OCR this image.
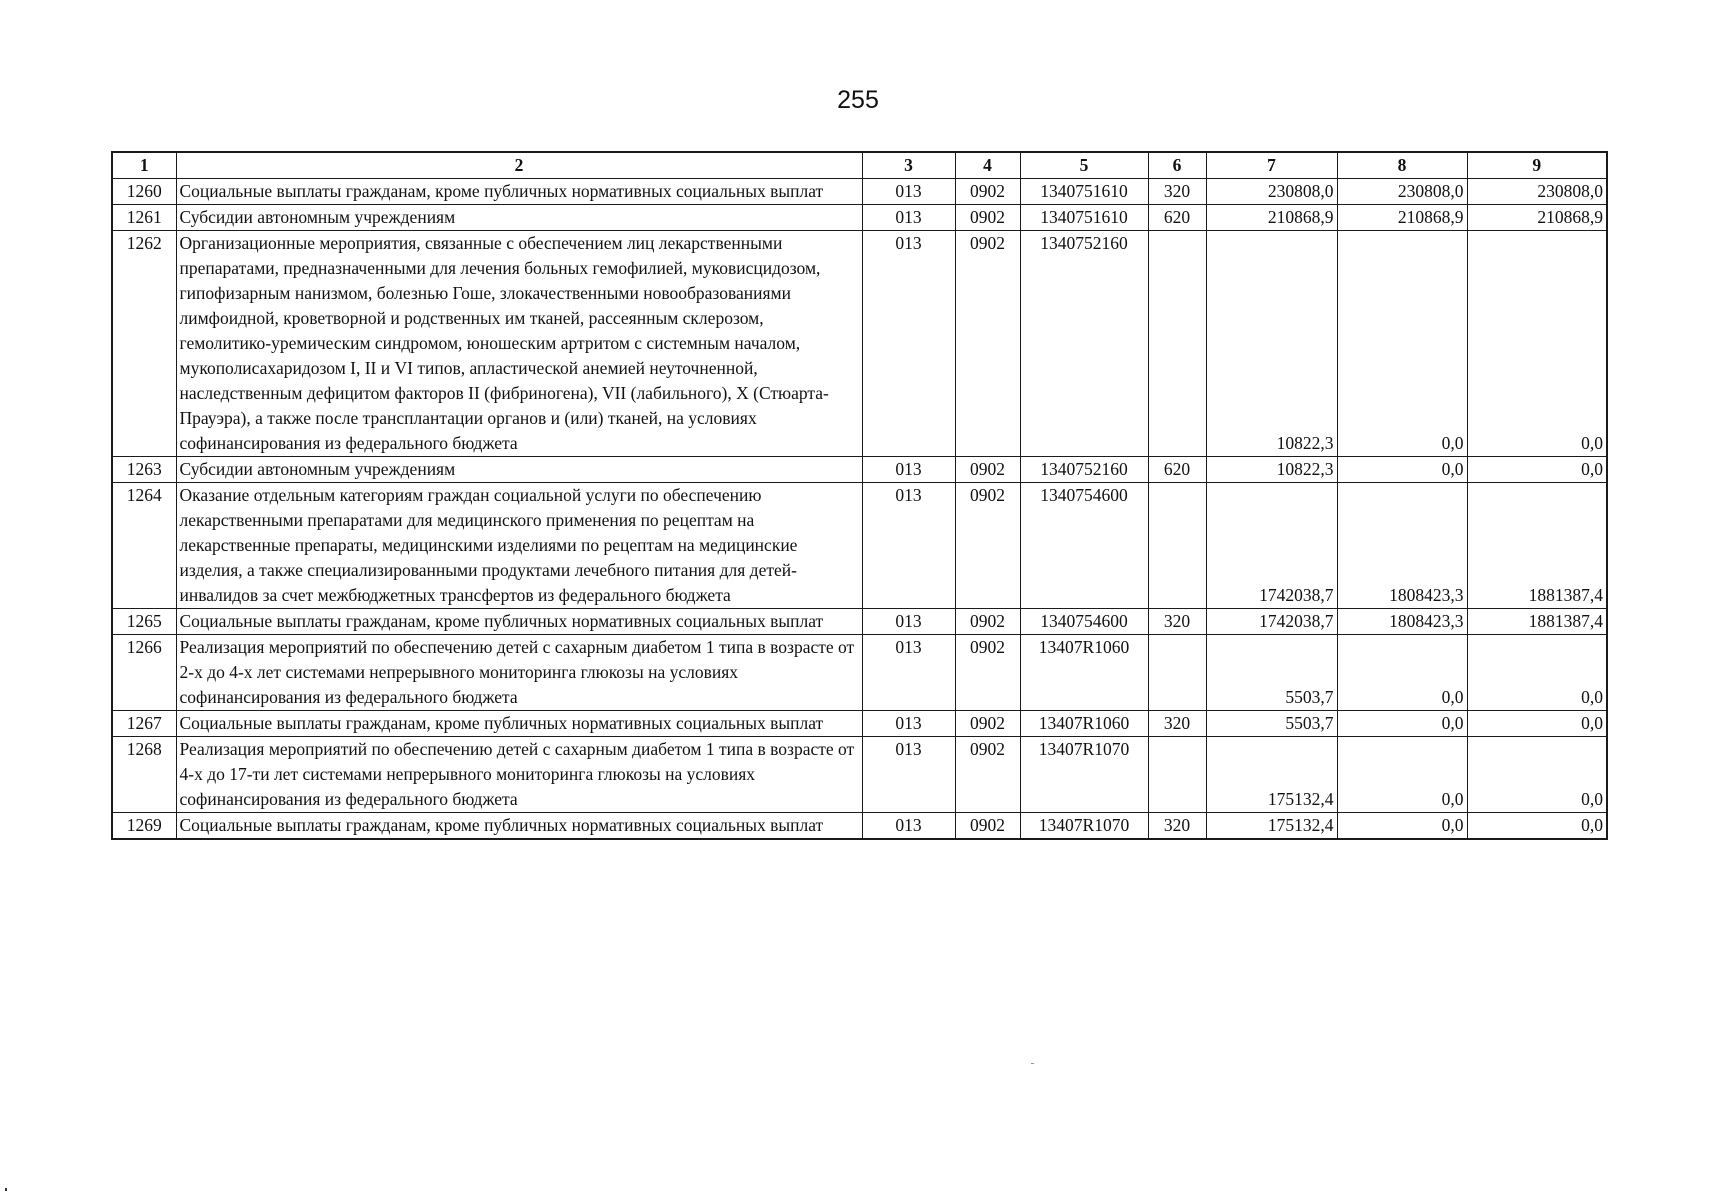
255
1	2	3	4	5	6	7	8	9
1260	Социальные выплаты гражданам, кроме публичных нормативных социальных выплат	013	0902	1340751610	320	230808,0	230808,0	230808,0
1261	Субсидии автономным учреждениям	013	0902	1340751610	620	210868,9	210868,9	210868,9
1262	Организационные мероприятия, связанные с обеспечением лиц лекарственными препаратами, предназначенными для лечения больных гемофилией, муковисцидозом, гипофизарным нанизмом, болезнью Гоше, злокачественными новообразованиями лимфоидной, кроветворной и родственных им тканей, рассеянным склерозом, гемолитико-уремическим синдромом, юношеским артритом с системным началом, мукополисахаридозом I, II и VI типов, апластической анемией неуточненной, наследственным дефицитом факторов II (фибриногена), VII (лабильного), X (Стюарта-Прауэра), а также после трансплантации органов и (или) тканей, на условиях софинансирования из федерального бюджета	013	0902	1340752160		10822,3	0,0	0,0
1263	Субсидии автономным учреждениям	013	0902	1340752160	620	10822,3	0,0	0,0
1264	Оказание отдельным категориям граждан социальной услуги по обеспечению лекарственными препаратами для медицинского применения по рецептам на лекарственные препараты, медицинскими изделиями по рецептам на медицинские изделия, а также специализированными продуктами лечебного питания для детей-инвалидов за счет межбюджетных трансфертов из федерального бюджета	013	0902	1340754600		1742038,7	1808423,3	1881387,4
1265	Социальные выплаты гражданам, кроме публичных нормативных социальных выплат	013	0902	1340754600	320	1742038,7	1808423,3	1881387,4
1266	Реализация мероприятий по обеспечению детей с сахарным диабетом 1 типа в возрасте от 2-х до 4-х лет системами непрерывного мониторинга глюкозы на условиях софинансирования из федерального бюджета	013	0902	13407R1060		5503,7	0,0	0,0
1267	Социальные выплаты гражданам, кроме публичных нормативных социальных выплат	013	0902	13407R1060	320	5503,7	0,0	0,0
1268	Реализация мероприятий по обеспечению детей с сахарным диабетом 1 типа в возрасте от 4-х до 17-ти лет системами непрерывного мониторинга глюкозы на условиях софинансирования из федерального бюджета	013	0902	13407R1070		175132,4	0,0	0,0
1269	Социальные выплаты гражданам, кроме публичных нормативных социальных выплат	013	0902	13407R1070	320	175132,4	0,0	0,0
